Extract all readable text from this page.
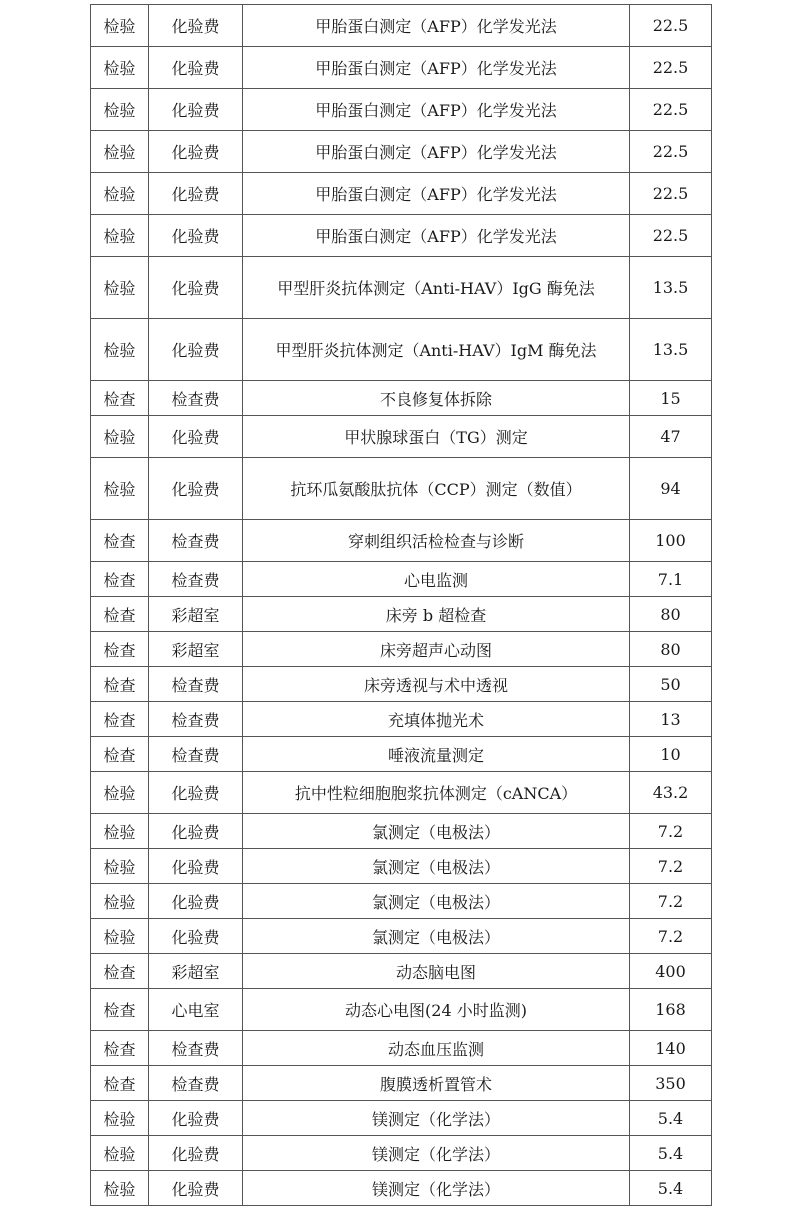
检验	化验费	甲胎蛋白测定（AFP）化学发光法	22.5
检验	化验费	甲胎蛋白测定（AFP）化学发光法	22.5
检验	化验费	甲胎蛋白测定（AFP）化学发光法	22.5
检验	化验费	甲胎蛋白测定（AFP）化学发光法	22.5
检验	化验费	甲胎蛋白测定（AFP）化学发光法	22.5
检验	化验费	甲胎蛋白测定（AFP）化学发光法	22.5
检验	化验费	甲型肝炎抗体测定（Anti-HAV）IgG 酶免法	13.5
检验	化验费	甲型肝炎抗体测定（Anti-HAV）IgM 酶免法	13.5
检查	检查费	不良修复体拆除	15
检验	化验费	甲状腺球蛋白（TG）测定	47
检验	化验费	抗环瓜氨酸肽抗体（CCP）测定（数值）	94
检查	检查费	穿刺组织活检检查与诊断	100
检查	检查费	心电监测	7.1
检查	彩超室	床旁 b 超检查	80
检查	彩超室	床旁超声心动图	80
检查	检查费	床旁透视与术中透视	50
检查	检查费	充填体抛光术	13
检查	检查费	唾液流量测定	10
检验	化验费	抗中性粒细胞胞浆抗体测定（cANCA）	43.2
检验	化验费	氯测定（电极法）	7.2
检验	化验费	氯测定（电极法）	7.2
检验	化验费	氯测定（电极法）	7.2
检验	化验费	氯测定（电极法）	7.2
检查	彩超室	动态脑电图	400
检查	心电室	动态心电图(24 小时监测)	168
检查	检查费	动态血压监测	140
检查	检查费	腹膜透析置管术	350
检验	化验费	镁测定（化学法）	5.4
检验	化验费	镁测定（化学法）	5.4
检验	化验费	镁测定（化学法）	5.4
